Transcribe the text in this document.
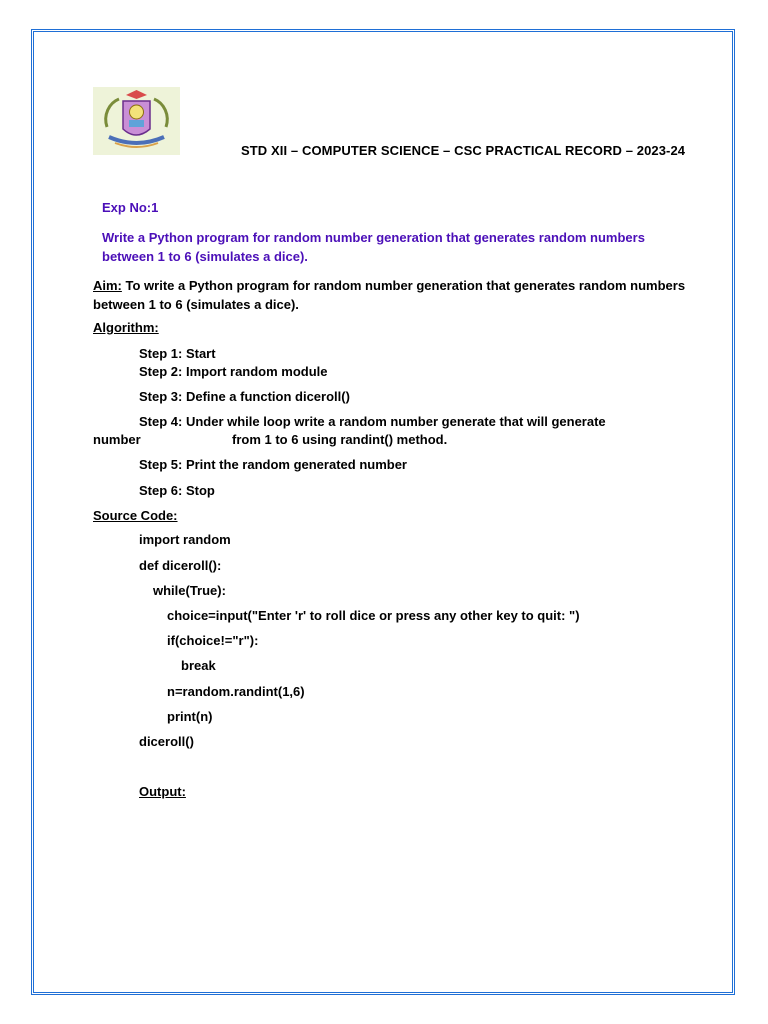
STD XII – COMPUTER SCIENCE – CSC PRACTICAL RECORD – 2023-24
Exp No:1
Write a Python program for random number generation that generates random numbers between 1 to 6 (simulates a dice).
Aim: To write a Python program for random number generation that generates random numbers between 1 to 6 (simulates a dice).
Algorithm:
Step 1: Start
Step 2: Import random module
Step 3: Define a function diceroll()
Step 4: Under while loop write a random number generate that will generate
number	from 1 to 6 using randint() method.
Step 5: Print the random generated number
Step 6: Stop
Source Code:
import random
def diceroll():
while(True):
choice=input("Enter 'r' to roll dice or press any other key to quit: ")
if(choice!="r"):
break
n=random.randint(1,6)
print(n)
diceroll()
Output:
